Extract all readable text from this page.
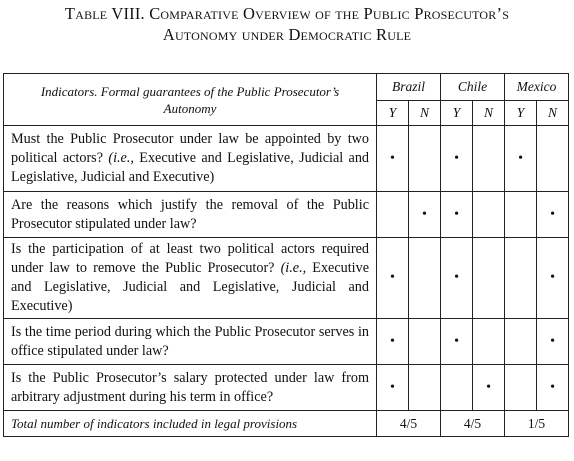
Table VIII. Comparative Overview of the Public Prosecutor’s
Autonomy under Democratic Rule
Indicators. Formal guarantees of the Public Prosecutor’s Autonomy	Brazil		Chile		Mexico	
	Y	N	Y	N	Y	N
Must the Public Prosecutor under law be appointed by two political actors? (i.e., Executive and Legislative, Judicial and Legislative, Judicial and Executive)	•		•		•	
Are the reasons which justify the removal of the Public Prosecutor stipulated under law?		•	•			•
Is the participation of at least two political actors required under law to remove the Public Prosecutor? (i.e., Executive and Legislative, Judicial and Legislative, Judicial and Executive)	•		•			•
Is the time period during which the Public Prosecutor serves in office stipulated under law?	•		•			•
Is the Public Prosecutor’s salary protected under law from arbitrary adjustment during his term in office?	•			•		•
Total number of indicators included in legal provisions	4/5		4/5		1/5	
